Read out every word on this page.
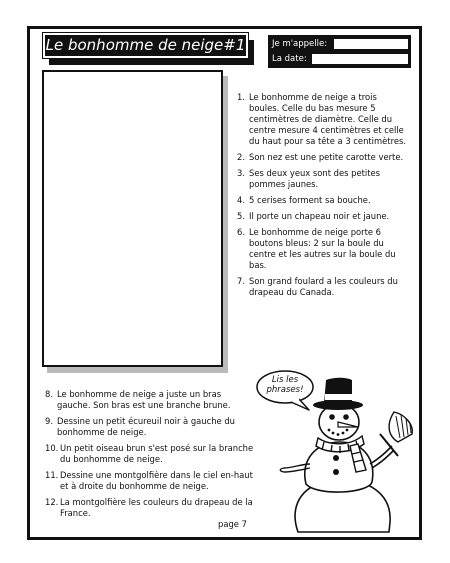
Le bonhomme de neige#1	Je m'appelle:
La date:
1. Le bonhomme de neige a trois boules. Celle du bas mesure 5 centimètres de diamètre. Celle du centre mesure 4 centimètres et celle du haut pour sa tête a 3 centimètres.
2. Son nez est une petite carotte verte.
3. Ses deux yeux sont des petites pommes jaunes.
4. 5 cerises forment sa bouche.
5. Il porte un chapeau noir et jaune.
6. Le bonhomme de neige porte 6 boutons bleus: 2 sur la boule du centre et les autres sur la boule du bas.
7. Son grand foulard a les couleurs du drapeau du Canada.
8. Le bonhomme de neige a juste un bras gauche. Son bras est une branche brune.
9. Dessine un petit écureuil noir à gauche du bonhomme de neige.
10. Un petit oiseau brun s'est posé sur la branche du bonhomme de neige.
11. Dessine une montgolfière dans le ciel en-haut et à droite du bonhomme de neige.
12. La montgolfière les couleurs du drapeau de la France.
page 7
Lis les phrases!
